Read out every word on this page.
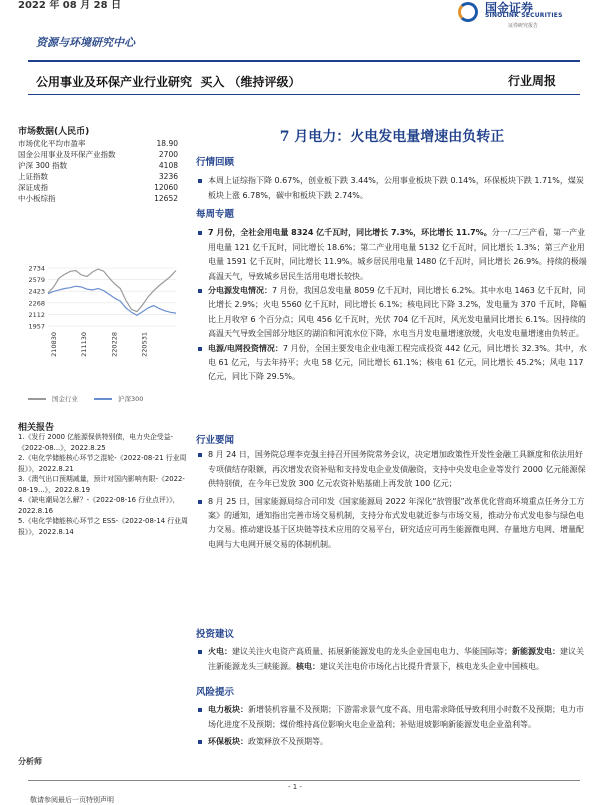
2022 年 08 月 28 日	国金证券
SINOLINK SECURITIES
证券研究报告
资源与环境研究中心
公用事业及环保产业行业研究  买入 （维持评级）	行业周报
市场数据(人民币)
市场优化平均市盈率	18.90
国金公用事业及环保产业指数	2700
沪深 300 指数	4108
上证指数	3236
深证成指	12060
中小板综指	12652
2734
2579
2423
2268
2112
1957
210830	211130	220228	220531
国金行业	沪深300
相关报告
1.《发行 2000 亿能源保供特别债，电力央企受益-《2022-08...》，2022.8.25
2.《电化学储能核心环节之混轮-《2022-08-21 行业周报》》，2022.8.21
3.《澳气出口预期减量，预计对国内影响有限-《2022-08-19...》，2022.8.19
4.《缺电潮局怎么解？-《2022-08-16 行业点评》》，2022.8.16
5.《电化学储能核心环节之 ESS-《2022-08-14 行业周报》》，2022.8.14
分析师
7 月电力：火电发电量增速由负转正
行情回顾
本周上证综指下降 0.67%，创业板下跌 3.44%，公用事业板块下跌 0.14%，环保板块下跌 1.71%，煤炭板块上涨 6.78%，碳中和板块下跌 2.74%。
每周专题
7 月份，全社会用电量 8324 亿千瓦时，同比增长 7.3%，环比增长 11.7%。分一/二/三产看，第一产业用电量 121 亿千瓦时，同比增长 18.6%；第二产业用电量 5132 亿千瓦时，同比增长 1.3%；第三产业用电量 1591 亿千瓦时，同比增长 11.9%。城乡居民用电量 1480 亿千瓦时，同比增长 26.9%。持续的极端高温天气，导致城乡居民生活用电增长较快。
分电源发电情况：7 月份，我国总发电量 8059 亿千瓦时，同比增长 6.2%。其中水电 1463 亿千瓦时，同比增长 2.9%；火电 5560 亿千瓦时，同比增长 6.1%；核电同比下降 3.2%，发电量为 370 千瓦时，降幅比上月收窄 6 个百分点；风电 456 亿千瓦时，光伏 704 亿千瓦时，风光发电量同比增长 6.1%。因持续的高温天气导致全国部分地区的湖泊和河流水位下降，水电当月发电量增速放缓，火电发电量增速由负转正。
电源/电网投资情况：7 月份，全国主要发电企业电源工程完成投资 442 亿元，同比增长 32.3%。其中，水电 61 亿元，与去年持平；火电 58 亿元，同比增长 61.1%；核电 61 亿元，同比增长 45.2%；风电 117 亿元，同比下降 29.5%。
行业要闻
8 月 24 日，国务院总理李克强主持召开国务院常务会议，决定增加政策性开发性金融工具额度和依法用好专项债结存限额，再次增发农资补贴和支持发电企业发债融资，支持中央发电企业等发行 2000 亿元能源保供特别债，在今年已发放 300 亿元农资补贴基础上再发放 100 亿元；
8 月 25 日，国家能源局综合司印发《国家能源局 2022 年深化“放管服”改革优化营商环境重点任务分工方案》的通知，通知指出完善市场交易机制，支持分布式发电就近参与市场交易，推动分布式发电参与绿色电力交易。推动建设基于区块链等技术应用的交易平台，研究适应可再生能源微电网、存量地方电网、增量配电网与大电网开展交易的体制机制。
投资建议
火电：建议关注火电资产高质量、拓展新能源发电的龙头企业国电电力、华能国际等；新能源发电：建议关注新能源龙头三峡能源。核电：建议关注电价市场化占比提升背景下，核电龙头企业中国核电。
风险提示
电力板块：新增装机容量不及预期；下游需求景气度不高、用电需求降低导致利用小时数不及预期；电力市场化进度不及预期；煤价维持高位影响火电企业盈利；补贴退坡影响新能源发电企业盈利等。
环保板块：政策释放不及预期等。
- 1 -
敬请参阅最后一页特别声明
